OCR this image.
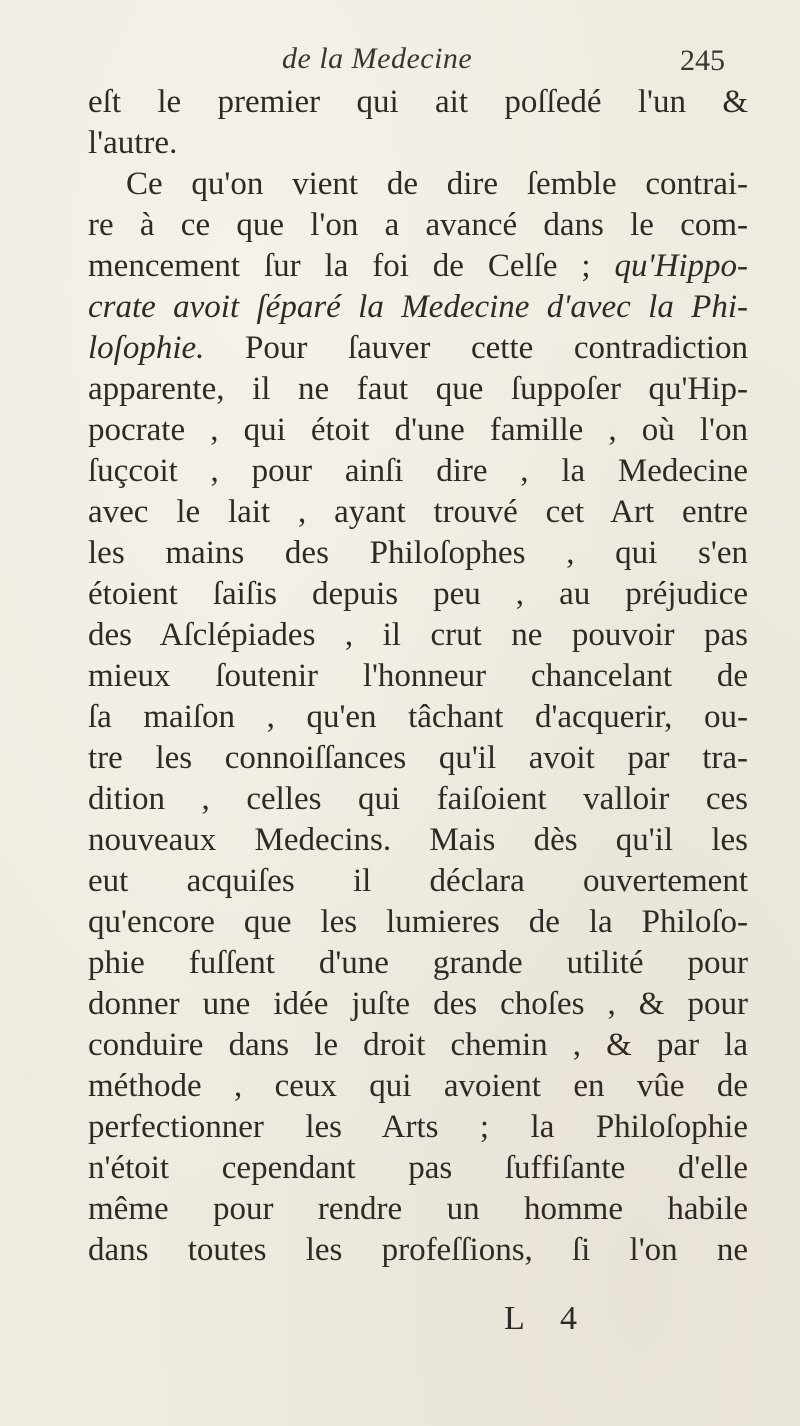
de la Medecine	245
eſt le premier qui ait poſſedé l'un &
l'autre.
Ce qu'on vient de dire ſemble contrai-
re à ce que l'on a avancé dans le com-
mencement ſur la foi de Celſe ; qu'Hippo-
crate avoit ſéparé la Medecine d'avec la Phi-
loſophie. Pour ſauver cette contradiction
apparente, il ne faut que ſuppoſer qu'Hip-
pocrate , qui étoit d'une famille , où l'on
ſuçcoit , pour ainſi dire , la Medecine
avec le lait , ayant trouvé cet Art entre
les mains des Philoſophes , qui s'en
étoient ſaiſis depuis peu , au préjudice
des Aſclépiades , il crut ne pouvoir pas
mieux ſoutenir l'honneur chancelant de
ſa maiſon , qu'en tâchant d'acquerir, ou-
tre les connoiſſances qu'il avoit par tra-
dition , celles qui faiſoient valloir ces
nouveaux Medecins. Mais dès qu'il les
eut acquiſes il déclara ouvertement
qu'encore que les lumieres de la Philoſo-
phie fuſſent d'une grande utilité pour
donner une idée juſte des choſes , & pour
conduire dans le droit chemin , & par la
méthode , ceux qui avoient en vûe de
perfectionner les Arts ; la Philoſophie
n'étoit cependant pas ſuffiſante d'elle
même pour rendre un homme habile
dans toutes les profeſſions, ſi l'on ne
L 4
